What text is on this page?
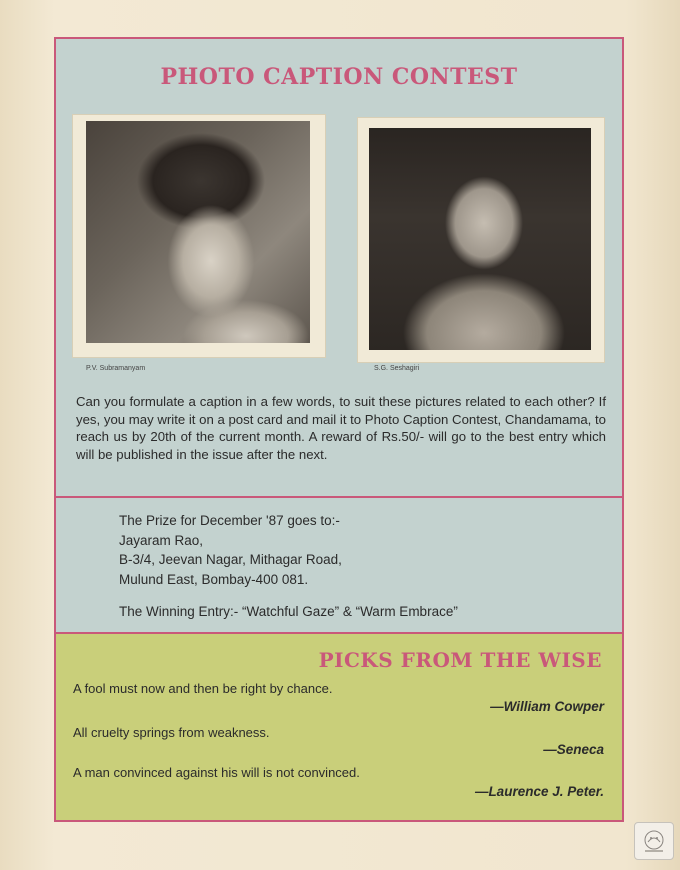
PHOTO CAPTION CONTEST
P.V. Subramanyam	S.G. Seshagiri
Can you formulate a caption in a few words, to suit these pictures related to each other? If yes, you may write it on a post card and mail it to Photo Caption Contest, Chandamama, to reach us by 20th of the current month. A reward of Rs.50/- will go to the best entry which will be published in the issue after the next.
The Prize for December '87 goes to:-
Jayaram Rao,
B-3/4, Jeevan Nagar, Mithagar Road,
Mulund East, Bombay-400 081.
The Winning Entry:- “Watchful Gaze” & “Warm Embrace”
PICKS FROM THE WISE
A fool must now and then be right by chance.
—William Cowper
All cruelty springs from weakness.
—Seneca
A man convinced against his will is not convinced.
—Laurence J. Peter.
